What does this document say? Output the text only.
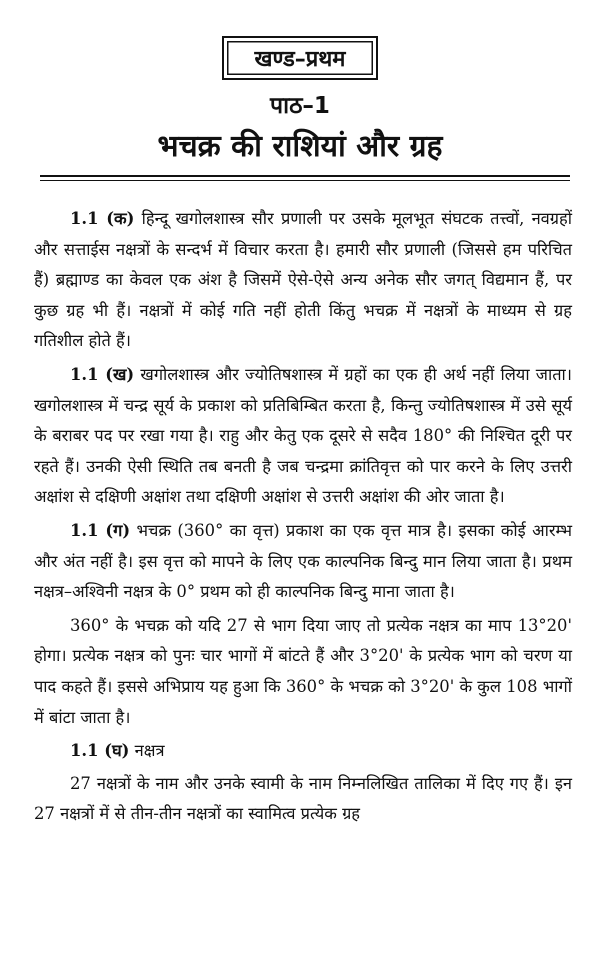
खण्ड–प्रथम
पाठ–1
भचक्र की राशियां और ग्रह

1.1 (क) हिन्दू खगोलशास्त्र सौर प्रणाली पर उसके मूलभूत संघटक तत्त्वों, नवग्रहों और सत्ताईस नक्षत्रों के सन्दर्भ में विचार करता है। हमारी सौर प्रणाली (जिससे हम परिचित हैं) ब्रह्माण्ड का केवल एक अंश है जिसमें ऐसे-ऐसे अन्य अनेक सौर जगत् विद्यमान हैं, पर कुछ ग्रह भी हैं। नक्षत्रों में कोई गति नहीं होती किंतु भचक्र में नक्षत्रों के माध्यम से ग्रह गतिशील होते हैं।

1.1 (ख) खगोलशास्त्र और ज्योतिषशास्त्र में ग्रहों का एक ही अर्थ नहीं लिया जाता। खगोलशास्त्र में चन्द्र सूर्य के प्रकाश को प्रतिबिम्बित करता है, किन्तु ज्योतिषशास्त्र में उसे सूर्य के बराबर पद पर रखा गया है। राहु और केतु एक दूसरे से सदैव 180° की निश्चित दूरी पर रहते हैं। उनकी ऐसी स्थिति तब बनती है जब चन्द्रमा क्रांतिवृत्त को पार करने के लिए उत्तरी अक्षांश से दक्षिणी अक्षांश तथा दक्षिणी अक्षांश से उत्तरी अक्षांश की ओर जाता है।

1.1 (ग) भचक्र (360° का वृत्त) प्रकाश का एक वृत्त मात्र है। इसका कोई आरम्भ और अंत नहीं है। इस वृत्त को मापने के लिए एक काल्पनिक बिन्दु मान लिया जाता है। प्रथम नक्षत्र–अश्विनी नक्षत्र के 0° प्रथम को ही काल्पनिक बिन्दु माना जाता है।

360° के भचक्र को यदि 27 से भाग दिया जाए तो प्रत्येक नक्षत्र का माप 13°20' होगा। प्रत्येक नक्षत्र को पुनः चार भागों में बांटते हैं और 3°20' के प्रत्येक भाग को चरण या पाद कहते हैं। इससे अभिप्राय यह हुआ कि 360° के भचक्र को 3°20' के कुल 108 भागों में बांटा जाता है।

1.1 (घ) नक्षत्र

27 नक्षत्रों के नाम और उनके स्वामी के नाम निम्नलिखित तालिका में दिए गए हैं। इन 27 नक्षत्रों में से तीन-तीन नक्षत्रों का स्वामित्व प्रत्येक ग्रह
